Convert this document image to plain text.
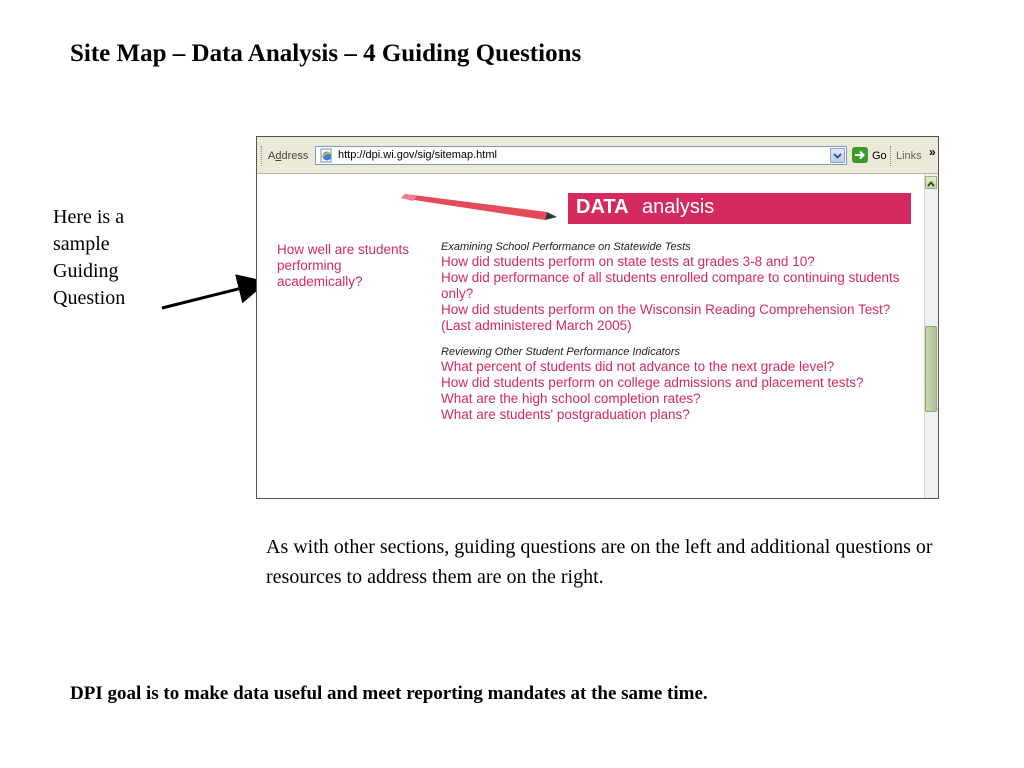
Site Map – Data Analysis – 4 Guiding Questions
Here is a sample Guiding Question
Address	http://dpi.wi.gov/sig/sitemap.html	Go Links »
DATA analysis
How well are students performing academically?
Examining School Performance on Statewide Tests
How did students perform on state tests at grades 3-8 and 10?
How did performance of all students enrolled compare to continuing students only?
How did students perform on the Wisconsin Reading Comprehension Test? (Last administered March 2005)
Reviewing Other Student Performance Indicators
What percent of students did not advance to the next grade level?
How did students perform on college admissions and placement tests?
What are the high school completion rates?
What are students' postgraduation plans?
As with other sections, guiding questions are on the left and additional questions or resources to address them are on the right.
DPI goal is to make data useful and meet reporting mandates at the same time.
